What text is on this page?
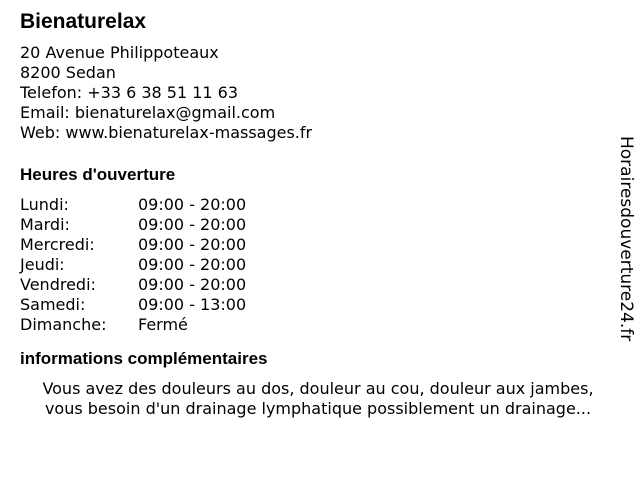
Bienaturelax
20 Avenue Philippoteaux
8200 Sedan
Telefon: +33 6 38 51 11 63
Email: bienaturelax@gmail.com
Web: www.bienaturelax-massages.fr
Heures d'ouverture
Lundi:	09:00 - 20:00
Mardi:	09:00 - 20:00
Mercredi:	09:00 - 20:00
Jeudi:	09:00 - 20:00
Vendredi:	09:00 - 20:00
Samedi:	09:00 - 13:00
Dimanche:	Fermé
informations complémentaires
Vous avez des douleurs au dos, douleur au cou, douleur aux jambes,
vous besoin d'un drainage lymphatique possiblement un drainage...
Horairesdouverture24.fr
